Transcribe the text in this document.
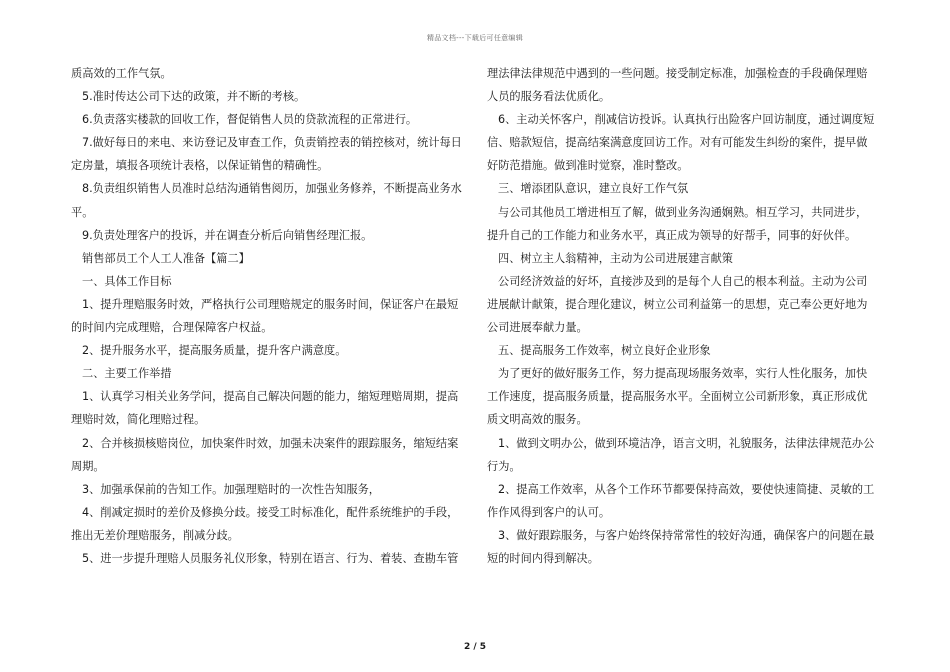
精品文档---下载后可任意编辑

质高效的工作气氛。

5.准时传达公司下达的政策，并不断的考核。

6.负责落实楼款的回收工作，督促销售人员的贷款流程的正常进行。

7.做好每日的来电、来访登记及审查工作，负责销控表的销控核对，统计每日

定房量，填报各项统计表格，以保证销售的精确性。

8.负责组织销售人员准时总结沟通销售阅历，加强业务修养，不断提高业务水

平。

9.负责处理客户的投诉，并在调查分析后向销售经理汇报。

销售部员工个人工人准备【篇二】

一、具体工作目标

1、提升理赔服务时效，严格执行公司理赔规定的服务时间，保证客户在最短

的时间内完成理赔，合理保障客户权益。

2、提升服务水平，提高服务质量，提升客户满意度。

二、主要工作举措

1、认真学习相关业务学问，提高自己解决问题的能力，缩短理赔周期，提高

理赔时效，简化理赔过程。

2、合并核损核赔岗位，加快案件时效，加强未决案件的跟踪服务，缩短结案

周期。

3、加强承保前的告知工作。加强理赔时的一次性告知服务，

4、削减定损时的差价及修换分歧。接受工时标准化，配件系统维护的手段，

推出无差价理赔服务，削减分歧。

5、进一步提升理赔人员服务礼仪形象，特别在语言、行为、着装、查勘车管

理法律法律规范中遇到的一些问题。接受制定标准，加强检查的手段确保理赔

人员的服务看法优质化。

6、主动关怀客户，削减信访投诉。认真执行出险客户回访制度，通过调度短

信、赔款短信，提高结案满意度回访工作。对有可能发生纠纷的案件，提早做

好防范措施。做到准时觉察，准时整改。

三、增添团队意识，建立良好工作气氛

与公司其他员工增进相互了解，做到业务沟通娴熟。相互学习，共同进步，

提升自己的工作能力和业务水平，真正成为领导的好帮手，同事的好伙伴。

四、树立主人翁精神，主动为公司进展建言献策

公司经济效益的好坏，直接涉及到的是每个人自己的根本利益。主动为公司

进展献计献策，提合理化建议，树立公司利益第一的思想，克己奉公更好地为

公司进展奉献力量。

五、提高服务工作效率，树立良好企业形象

为了更好的做好服务工作，努力提高现场服务效率，实行人性化服务，加快

工作速度，提高服务质量，提高服务水平。全面树立公司新形象，真正形成优

质文明高效的服务。

1、做到文明办公，做到环境洁净，语言文明，礼貌服务，法律法律规范办公

行为。

2、提高工作效率，从各个工作环节都要保持高效，要使快速简捷、灵敏的工

作作风得到客户的认可。

3、做好跟踪服务，与客户始终保持常常性的较好沟通，确保客户的问题在最

短的时间内得到解决。

2 / 5
